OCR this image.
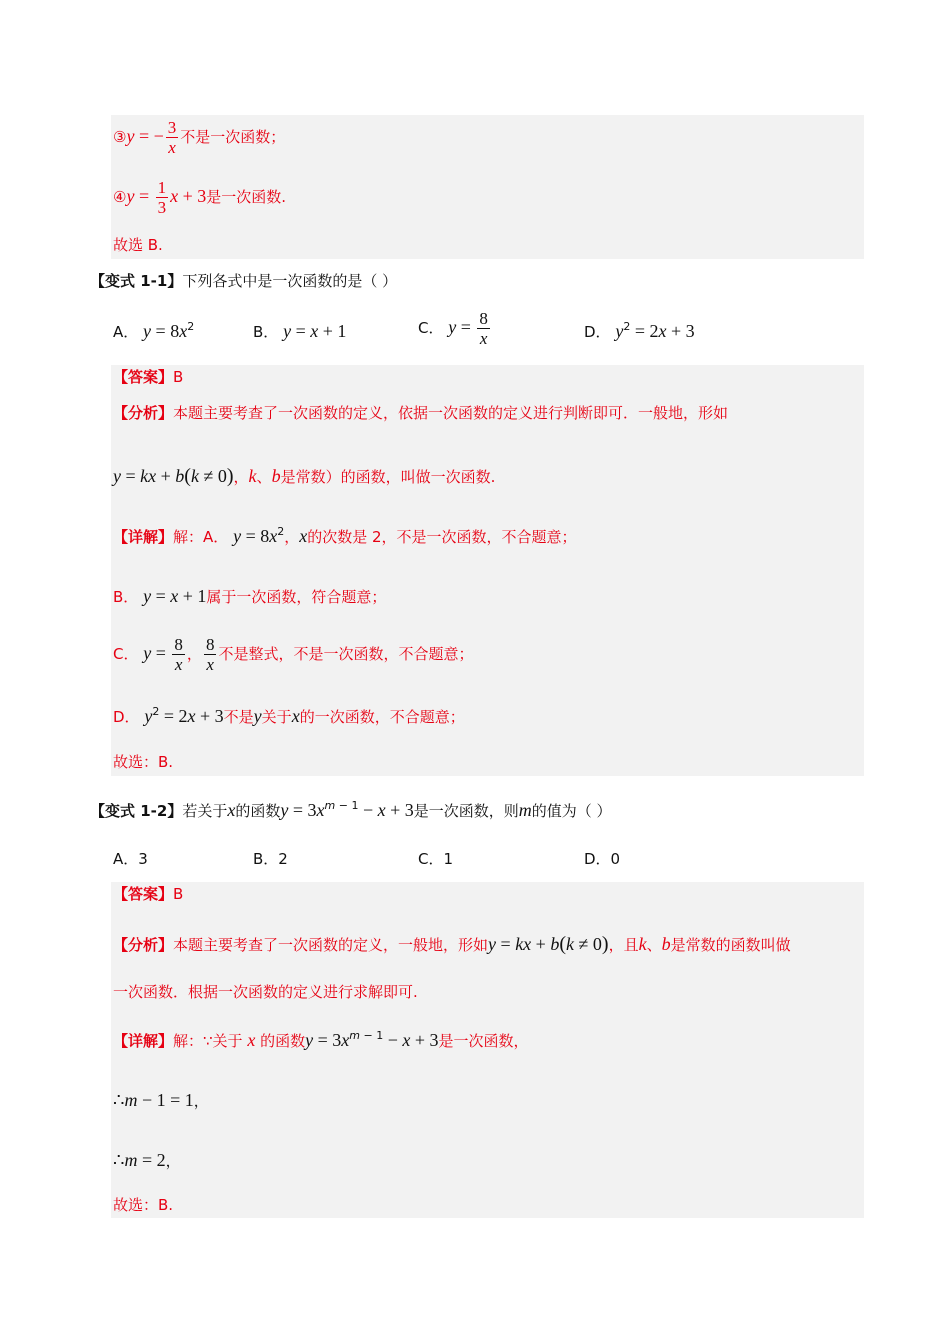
③y = − $\frac{3}{x}$ 不是一次函数；
④y = $\frac{1}{3}$ x + 3是一次函数.
故选 B.
【变式 1-1】下列各式中是一次函数的是（ ）
A． $y = 8x^2$	B． y = x + 1	C． $y = \frac{8}{x}$	D． $y^2 = 2x + 3$
【答案】B
【分析】本题主要考查了一次函数的定义，依据一次函数的定义进行判断即可．一般地，形如
y = kx + b(k ≠ 0)，k、b是常数）的函数，叫做一次函数.
【详解】解：A． $y = 8x^2$，x的次数是 2，不是一次函数，不合题意；
B． y = x + 1属于一次函数，符合题意；
C． $y = \frac{8}{x}$ ， $\frac{8}{x}$ 不是整式，不是一次函数，不合题意；
D． $y^2 = 2x + 3$不是y关于x的一次函数，不合题意；
故选：B.
【变式 1-2】若关于x的函数$y = 3x^{m - 1} - x + 3$是一次函数，则m的值为（ ）
A．3	B．2	C．1	D．0
【答案】B
【分析】本题主要考查了一次函数的定义，一般地，形如y = kx + b(k ≠ 0)，且k、b是常数的函数叫做
一次函数．根据一次函数的定义进行求解即可.
【详解】解：∵关于 x 的函数$y = 3x^{m - 1} - x + 3$是一次函数，
∴m − 1 = 1，
∴m = 2，
故选：B.
